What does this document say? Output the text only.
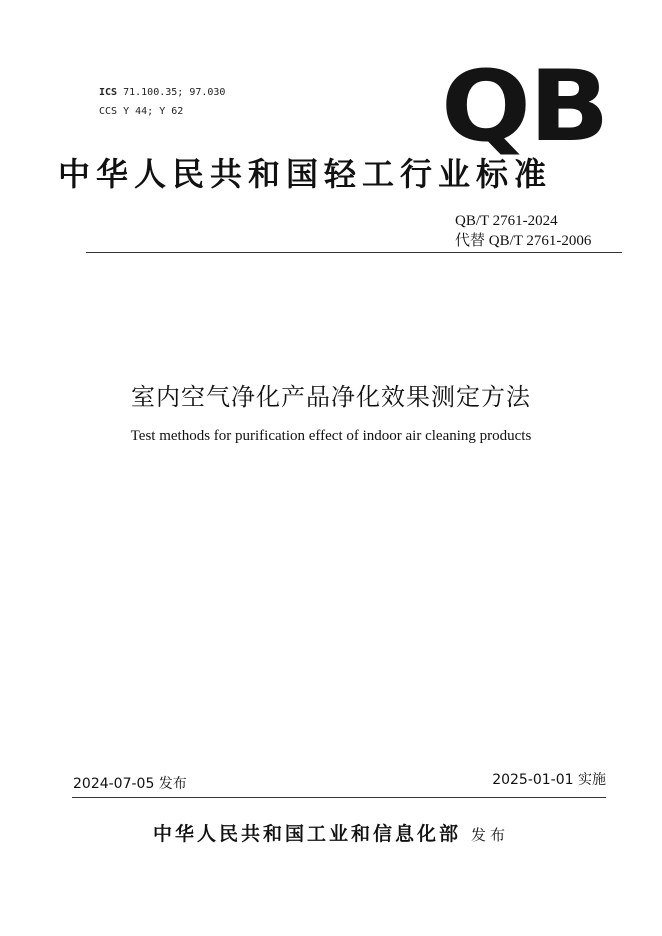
ICS 71.100.35; 97.030
CCS Y 44; Y 62	QB
中华人民共和国轻工行业标准
QB/T 2761-2024
代替 QB/T 2761-2006
室内空气净化产品净化效果测定方法
Test methods for purification effect of indoor air cleaning products
2024-07-05 发布	2025-01-01 实施
中华人民共和国工业和信息化部 发布
